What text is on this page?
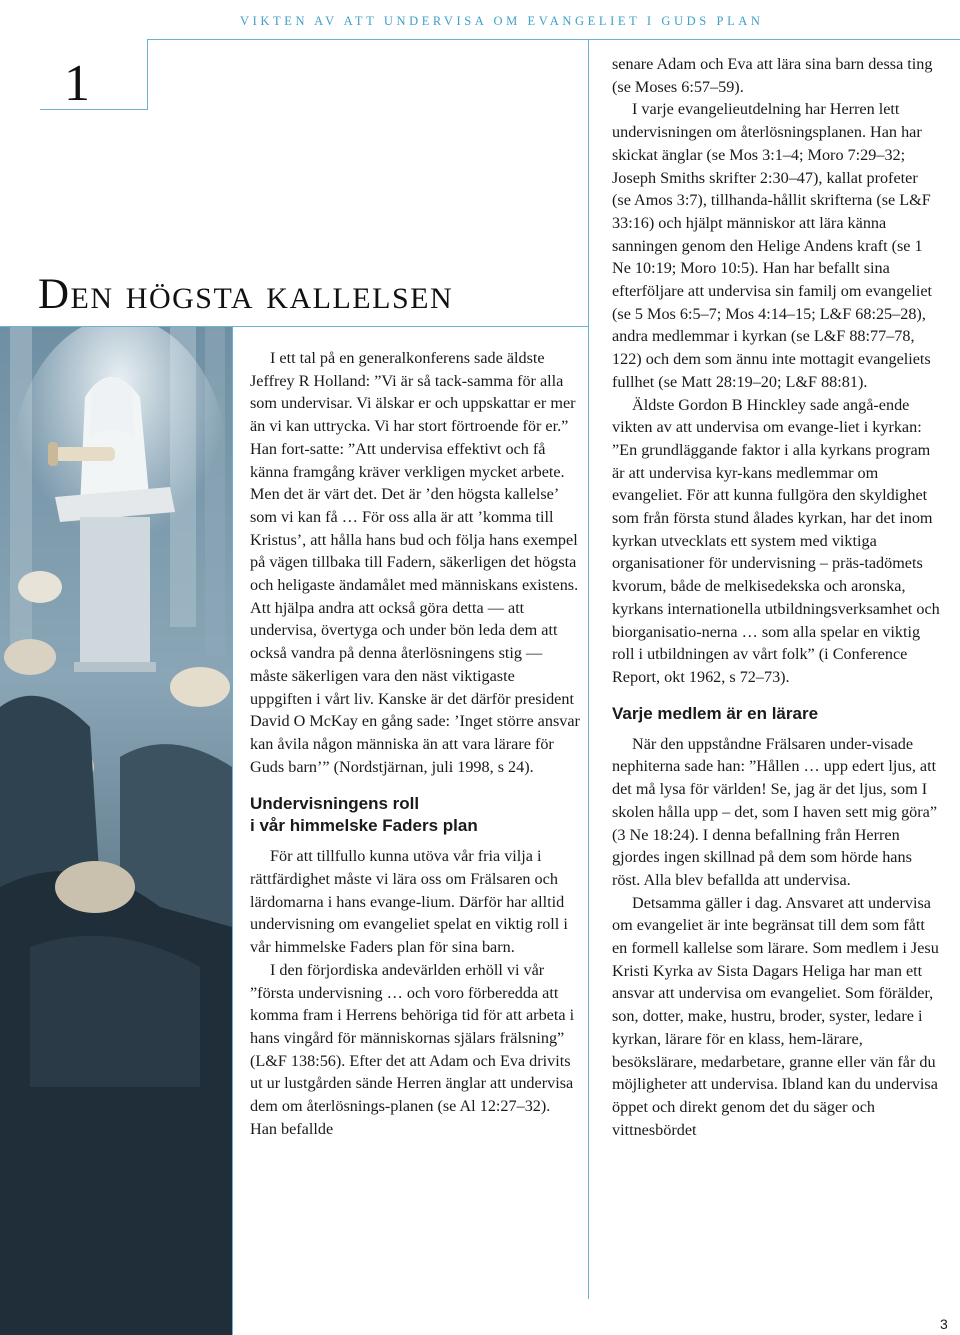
VIKTEN AV ATT UNDERVISA OM EVANGELIET I GUDS PLAN
1
Den högsta kallelsen

I ett tal på en generalkonferens sade äldste Jeffrey R Holland: ”Vi är så tack-samma för alla som undervisar. Vi älskar er och uppskattar er mer än vi kan uttrycka. Vi har stort förtroende för er.” Han fort-satte: ”Att undervisa effektivt och få känna framgång kräver verkligen mycket arbete. Men det är värt det. Det är ’den högsta kallelse’ som vi kan få … För oss alla är att ’komma till Kristus’, att hålla hans bud och följa hans exempel på vägen tillbaka till Fadern, säkerligen det högsta och heligaste ändamålet med människans existens. Att hjälpa andra att också göra detta — att undervisa, övertyga och under bön leda dem att också vandra på denna återlösningens stig — måste säkerligen vara den näst viktigaste uppgiften i vårt liv. Kanske är det därför president David O McKay en gång sade: ’Inget större ansvar kan åvila någon människa än att vara lärare för Guds barn’” (Nordstjärnan, juli 1998, s 24).

Undervisningens roll
i vår himmelske Faders plan

För att tillfullo kunna utöva vår fria vilja i rättfärdighet måste vi lära oss om Frälsaren och lärdomarna i hans evange-lium. Därför har alltid undervisning om evangeliet spelat en viktig roll i vår himmelske Faders plan för sina barn.

I den förjordiska andevärlden erhöll vi vår ”första undervisning … och voro förberedda att komma fram i Herrens behöriga tid för att arbeta i hans vingård för människornas själars frälsning” (L&F 138:56). Efter det att Adam och Eva drivits ut ur lustgården sände Herren änglar att undervisa dem om återlösnings-planen (se Al 12:27–32). Han befallde

senare Adam och Eva att lära sina barn dessa ting (se Moses 6:57–59).

I varje evangelieutdelning har Herren lett undervisningen om återlösningsplanen. Han har skickat änglar (se Mos 3:1–4; Moro 7:29–32; Joseph Smiths skrifter 2:30–47), kallat profeter (se Amos 3:7), tillhanda-hållit skrifterna (se L&F 33:16) och hjälpt människor att lära känna sanningen genom den Helige Andens kraft (se 1 Ne 10:19; Moro 10:5). Han har befallt sina efterföljare att undervisa sin familj om evangeliet (se 5 Mos 6:5–7; Mos 4:14–15; L&F 68:25–28), andra medlemmar i kyrkan (se L&F 88:77–78, 122) och dem som ännu inte mottagit evangeliets fullhet (se Matt 28:19–20; L&F 88:81).

Äldste Gordon B Hinckley sade angå-ende vikten av att undervisa om evange-liet i kyrkan: ”En grundläggande faktor i alla kyrkans program är att undervisa kyr-kans medlemmar om evangeliet. För att kunna fullgöra den skyldighet som från första stund ålades kyrkan, har det inom kyrkan utvecklats ett system med viktiga organisationer för undervisning – präs-tadömets kvorum, både de melkisedekska och aronska, kyrkans internationella utbildningsverksamhet och biorganisatio-nerna … som alla spelar en viktig roll i utbildningen av vårt folk” (i Conference Report, okt 1962, s 72–73).

Varje medlem är en lärare

När den uppståndne Frälsaren under-visade nephiterna sade han: ”Hållen … upp edert ljus, att det må lysa för världen! Se, jag är det ljus, som I skolen hålla upp – det, som I haven sett mig göra” (3 Ne 18:24). I denna befallning från Herren gjordes ingen skillnad på dem som hörde hans röst. Alla blev befallda att undervisa.

Detsamma gäller i dag. Ansvaret att undervisa om evangeliet är inte begränsat till dem som fått en formell kallelse som lärare. Som medlem i Jesu Kristi Kyrka av Sista Dagars Heliga har man ett ansvar att undervisa om evangeliet. Som förälder, son, dotter, make, hustru, broder, syster, ledare i kyrkan, lärare för en klass, hem-lärare, besökslärare, medarbetare, granne eller vän får du möjligheter att undervisa. Ibland kan du undervisa öppet och direkt genom det du säger och vittnesbördet

3
